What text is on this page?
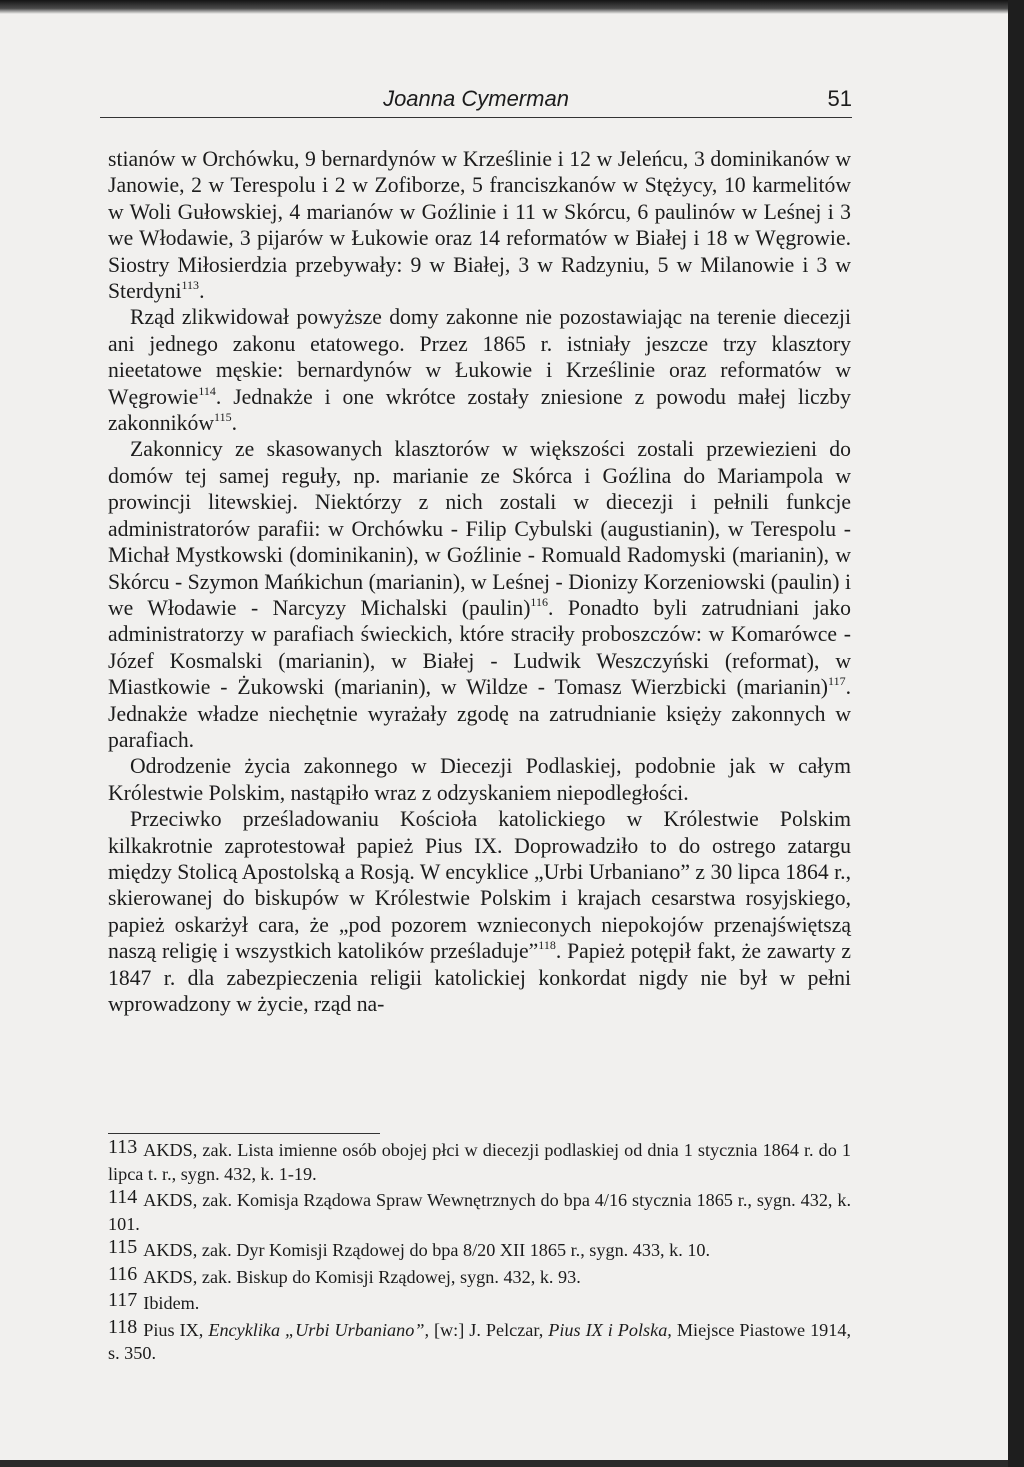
Joanna Cymerman	51

stianów w Orchówku, 9 bernardynów w Krześlinie i 12 w Jeleńcu, 3 dominikanów w Janowie, 2 w Terespolu i 2 w Zofiborze, 5 franciszkanów w Stężycy, 10 karmelitów w Woli Gułowskiej, 4 marianów w Goźlinie i 11 w Skórcu, 6 paulinów w Leśnej i 3 we Włodawie, 3 pijarów w Łukowie oraz 14 reformatów w Białej i 18 w Węgrowie. Siostry Miłosierdzia przebywały: 9 w Białej, 3 w Radzyniu, 5 w Milanowie i 3 w Sterdyni$^{113}$.

Rząd zlikwidował powyższe domy zakonne nie pozostawiając na terenie diecezji ani jednego zakonu etatowego. Przez 1865 r. istniały jeszcze trzy klasztory nieetatowe męskie: bernardynów w Łukowie i Krześlinie oraz reformatów w Węgrowie$^{114}$. Jednakże i one wkrótce zostały zniesione z powodu małej liczby zakonników$^{115}$.

Zakonnicy ze skasowanych klasztorów w większości zostali przewiezieni do domów tej samej reguły, np. marianie ze Skórca i Goźlina do Mariampola w prowincji litewskiej. Niektórzy z nich zostali w diecezji i pełnili funkcje administratorów parafii: w Orchówku - Filip Cybulski (augustianin), w Terespolu - Michał Mystkowski (dominikanin), w Goźlinie - Romuald Radomyski (marianin), w Skórcu - Szymon Mańkichun (marianin), w Leśnej - Dionizy Korzeniowski (paulin) i we Włodawie - Narcyzy Michalski (paulin)$^{116}$. Ponadto byli zatrudniani jako administratorzy w parafiach świeckich, które straciły proboszczów: w Komarówce - Józef Kosmalski (marianin), w Białej - Ludwik Weszczyński (reformat), w Miastkowie - Żukowski (marianin), w Wildze - Tomasz Wierzbicki (marianin)$^{117}$. Jednakże władze niechętnie wyrażały zgodę na zatrudnianie księży zakonnych w parafiach.

Odrodzenie życia zakonnego w Diecezji Podlaskiej, podobnie jak w całym Królestwie Polskim, nastąpiło wraz z odzyskaniem niepodległości.

Przeciwko prześladowaniu Kościoła katolickiego w Królestwie Polskim kilkakrotnie zaprotestował papież Pius IX. Doprowadziło to do ostrego zatargu między Stolicą Apostolską a Rosją. W encyklice „Urbi Urbaniano” z 30 lipca 1864 r., skierowanej do biskupów w Królestwie Polskim i krajach cesarstwa rosyjskiego, papież oskarżył cara, że „pod pozorem wznieconych niepokojów przenajświętszą naszą religię i wszystkich katolików prześladuje”$^{118}$. Papież potępił fakt, że zawarty z 1847 r. dla zabezpieczenia religii katolickiej konkordat nigdy nie był w pełni wprowadzony w życie, rząd na-

113 AKDS, zak. Lista imienne osób obojej płci w diecezji podlaskiej od dnia 1 stycznia 1864 r. do 1 lipca t. r., sygn. 432, k. 1-19.

114 AKDS, zak. Komisja Rządowa Spraw Wewnętrznych do bpa 4/16 stycznia 1865 r., sygn. 432, k. 101.

115 AKDS, zak. Dyr Komisji Rządowej do bpa 8/20 XII 1865 r., sygn. 433, k. 10.

116 AKDS, zak. Biskup do Komisji Rządowej, sygn. 432, k. 93.

117 Ibidem.

118 Pius IX, Encyklika „Urbi Urbaniano”, [w:] J. Pelczar, Pius IX i Polska, Miejsce Piastowe 1914, s. 350.
